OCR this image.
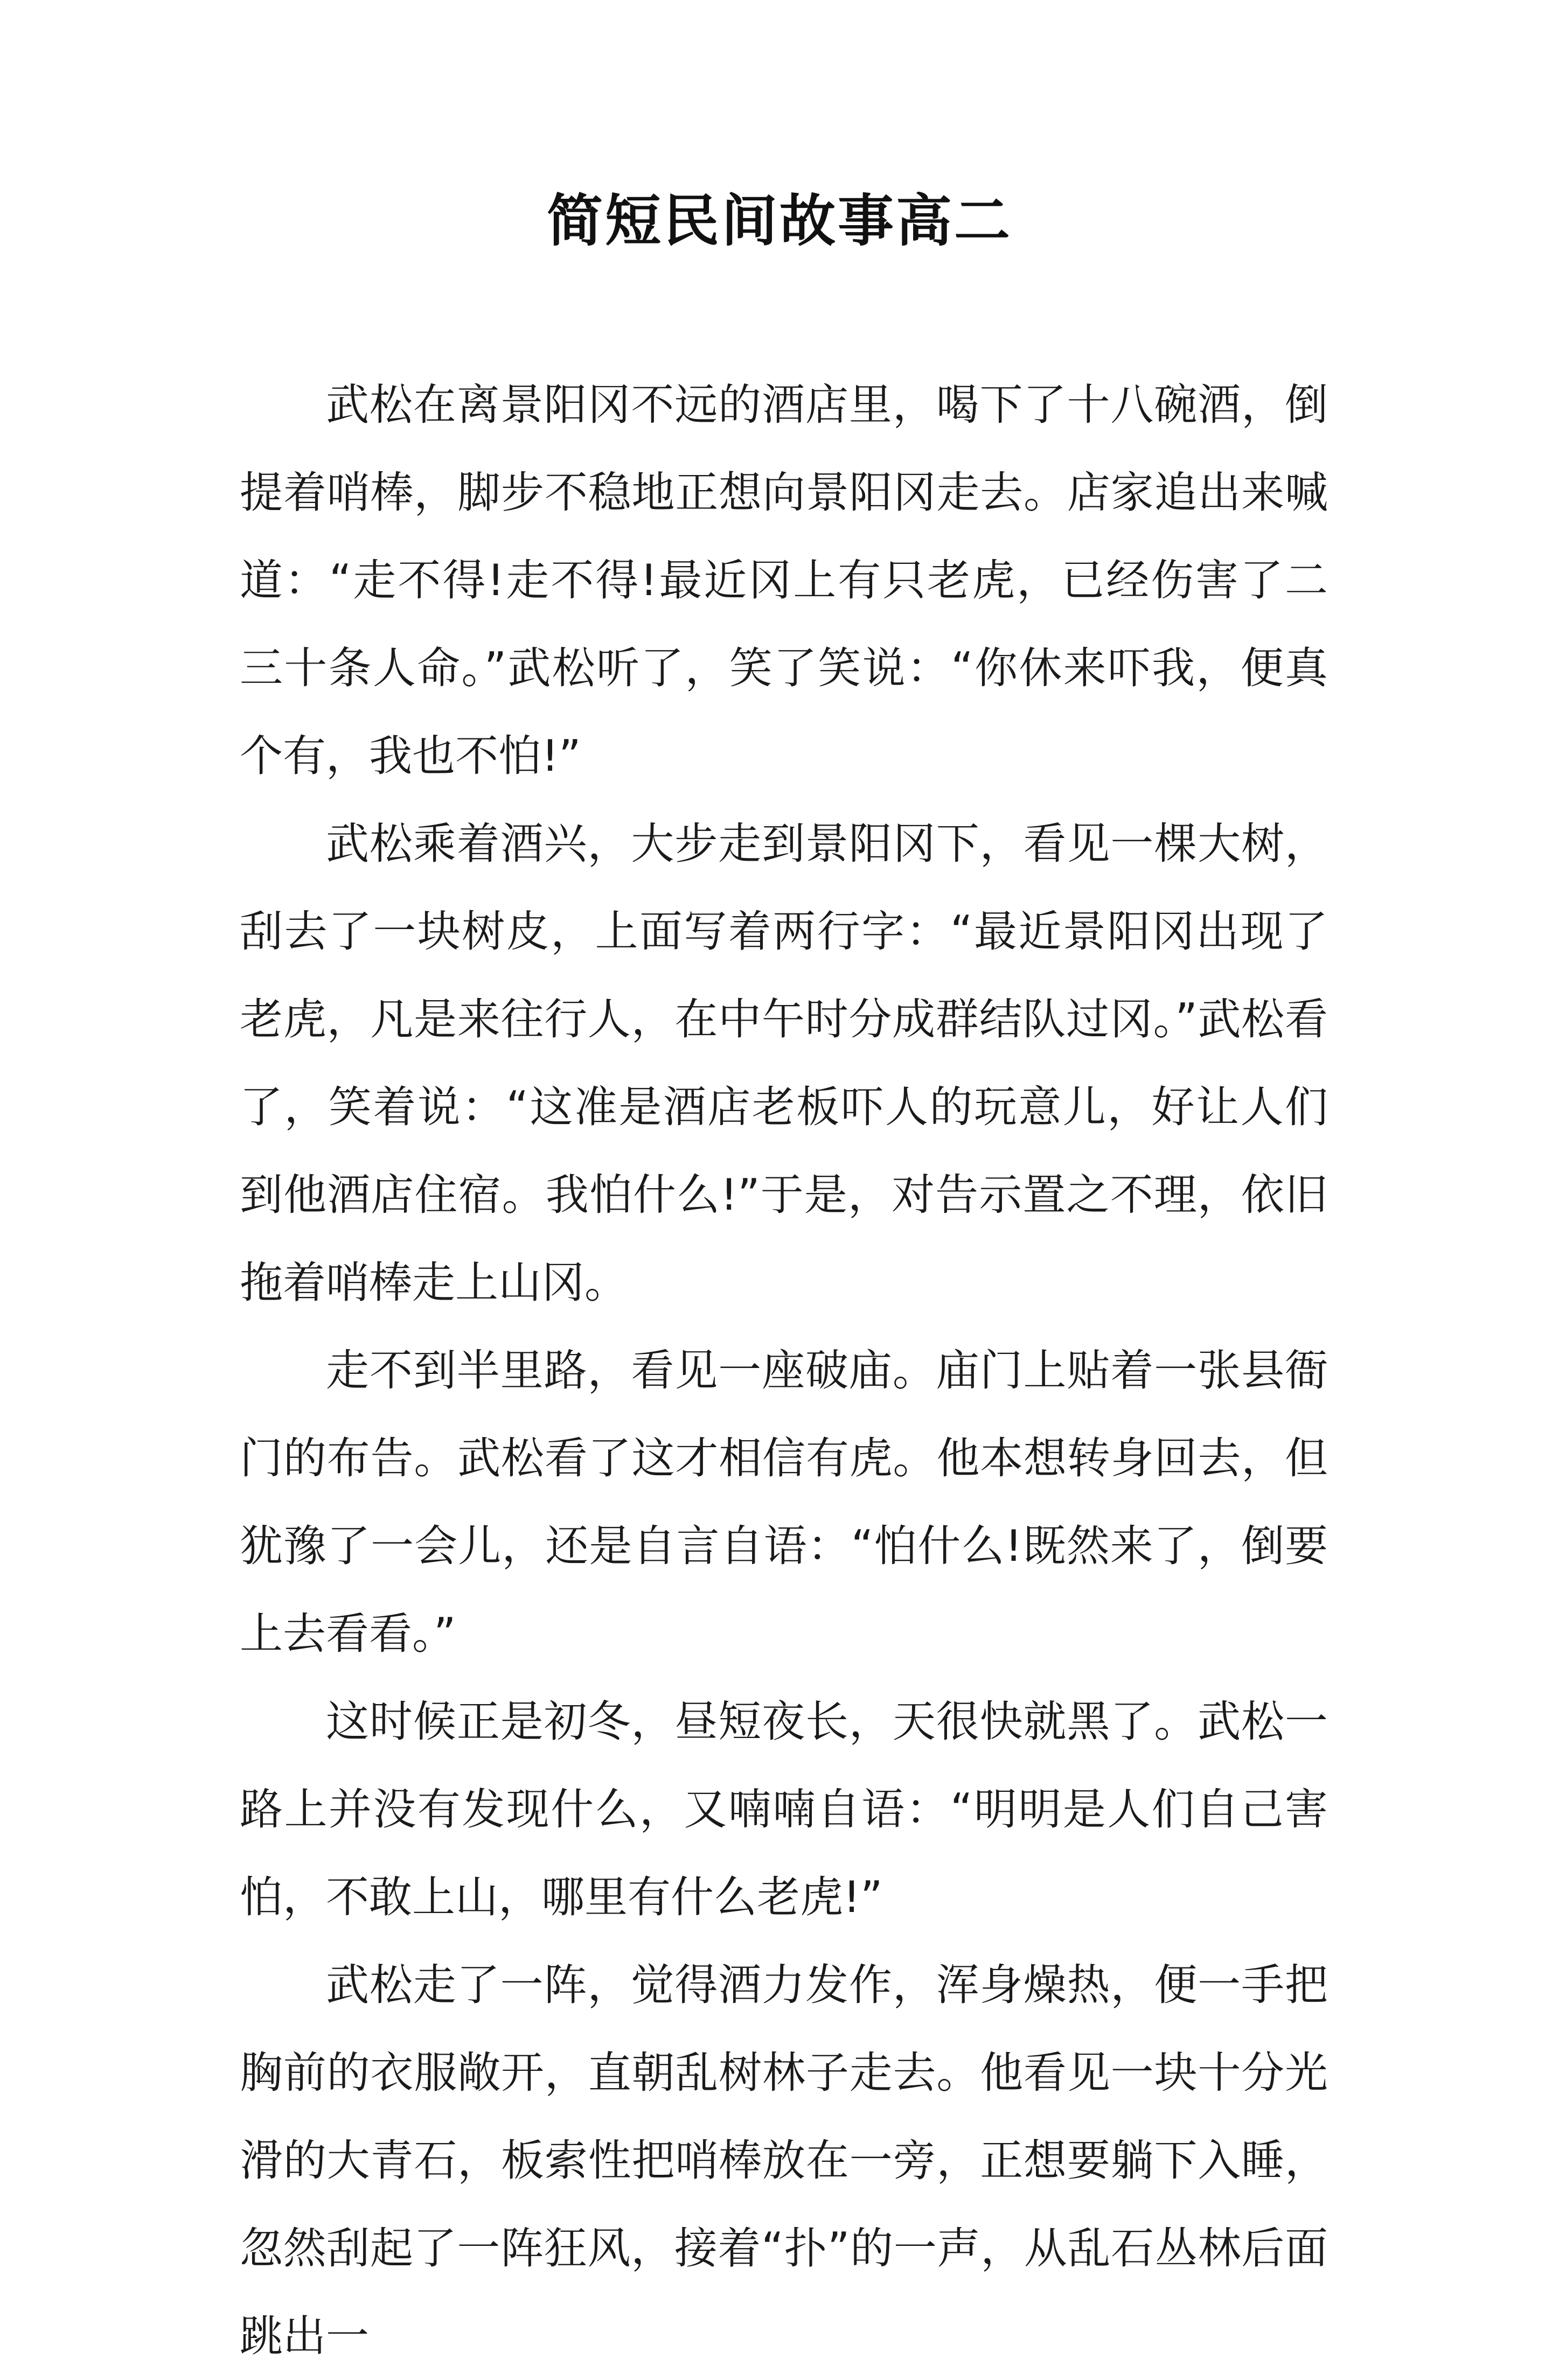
简短民间故事高二

武松在离景阳冈不远的酒店里，喝下了十八碗酒，倒提着哨棒，脚步不稳地正想向景阳冈走去。店家追出来喊道：“走不得!走不得!最近冈上有只老虎，已经伤害了二三十条人命。”武松听了，笑了笑说：“你休来吓我，便真个有，我也不怕!”

武松乘着酒兴，大步走到景阳冈下，看见一棵大树，刮去了一块树皮，上面写着两行字：“最近景阳冈出现了老虎，凡是来往行人，在中午时分成群结队过冈。”武松看了，笑着说：“这准是酒店老板吓人的玩意儿，好让人们到他酒店住宿。我怕什么!”于是，对告示置之不理，依旧拖着哨棒走上山冈。

走不到半里路，看见一座破庙。庙门上贴着一张县衙门的布告。武松看了这才相信有虎。他本想转身回去，但犹豫了一会儿，还是自言自语：“怕什么!既然来了，倒要上去看看。”

这时候正是初冬，昼短夜长，天很快就黑了。武松一路上并没有发现什么，又喃喃自语：“明明是人们自己害怕，不敢上山，哪里有什么老虎!”

武松走了一阵，觉得酒力发作，浑身燥热，便一手把胸前的衣服敞开，直朝乱树林子走去。他看见一块十分光滑的大青石，板索性把哨棒放在一旁，正想要躺下入睡，忽然刮起了一阵狂风，接着“扑”的一声，从乱石丛林后面跳出一
